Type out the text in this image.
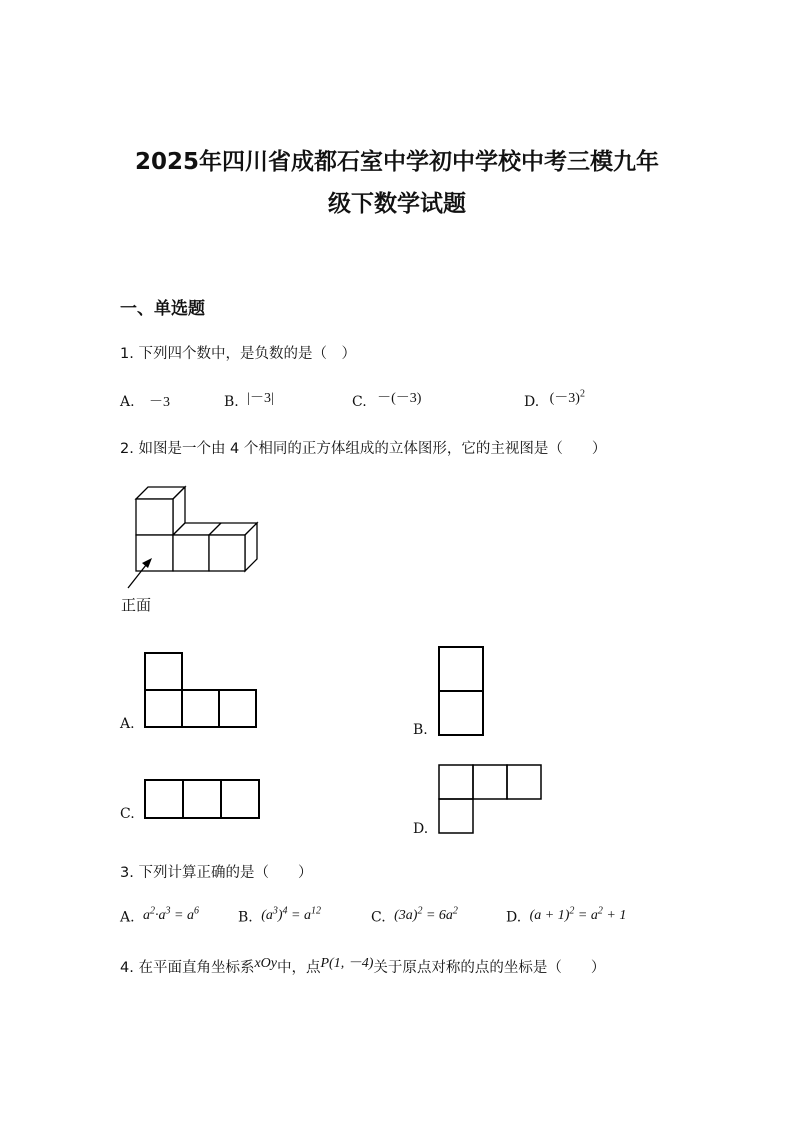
2025年四川省成都石室中学初中学校中考三模九年
级下数学试题
一、单选题
1. 下列四个数中，是负数的是（　）
A. －3	B. |－3|	C. －(－3)	D. $(-3)^2$
2. 如图是一个由 4 个相同的正方体组成的立体图形，它的主视图是（　　）
正面
A.	B.
C.
D.
3. 下列计算正确的是（　　）
A. $a^2\cdot a^3 = a^6$	B. $(a^3)^4 = a^{12}$	C. $(3a)^2 = 6a^2$	D. $(a + 1)^2 = a^2 + 1$
4. 在平面直角坐标系xOy中，点P(1, －4)关于原点对称的点的坐标是（　　）
